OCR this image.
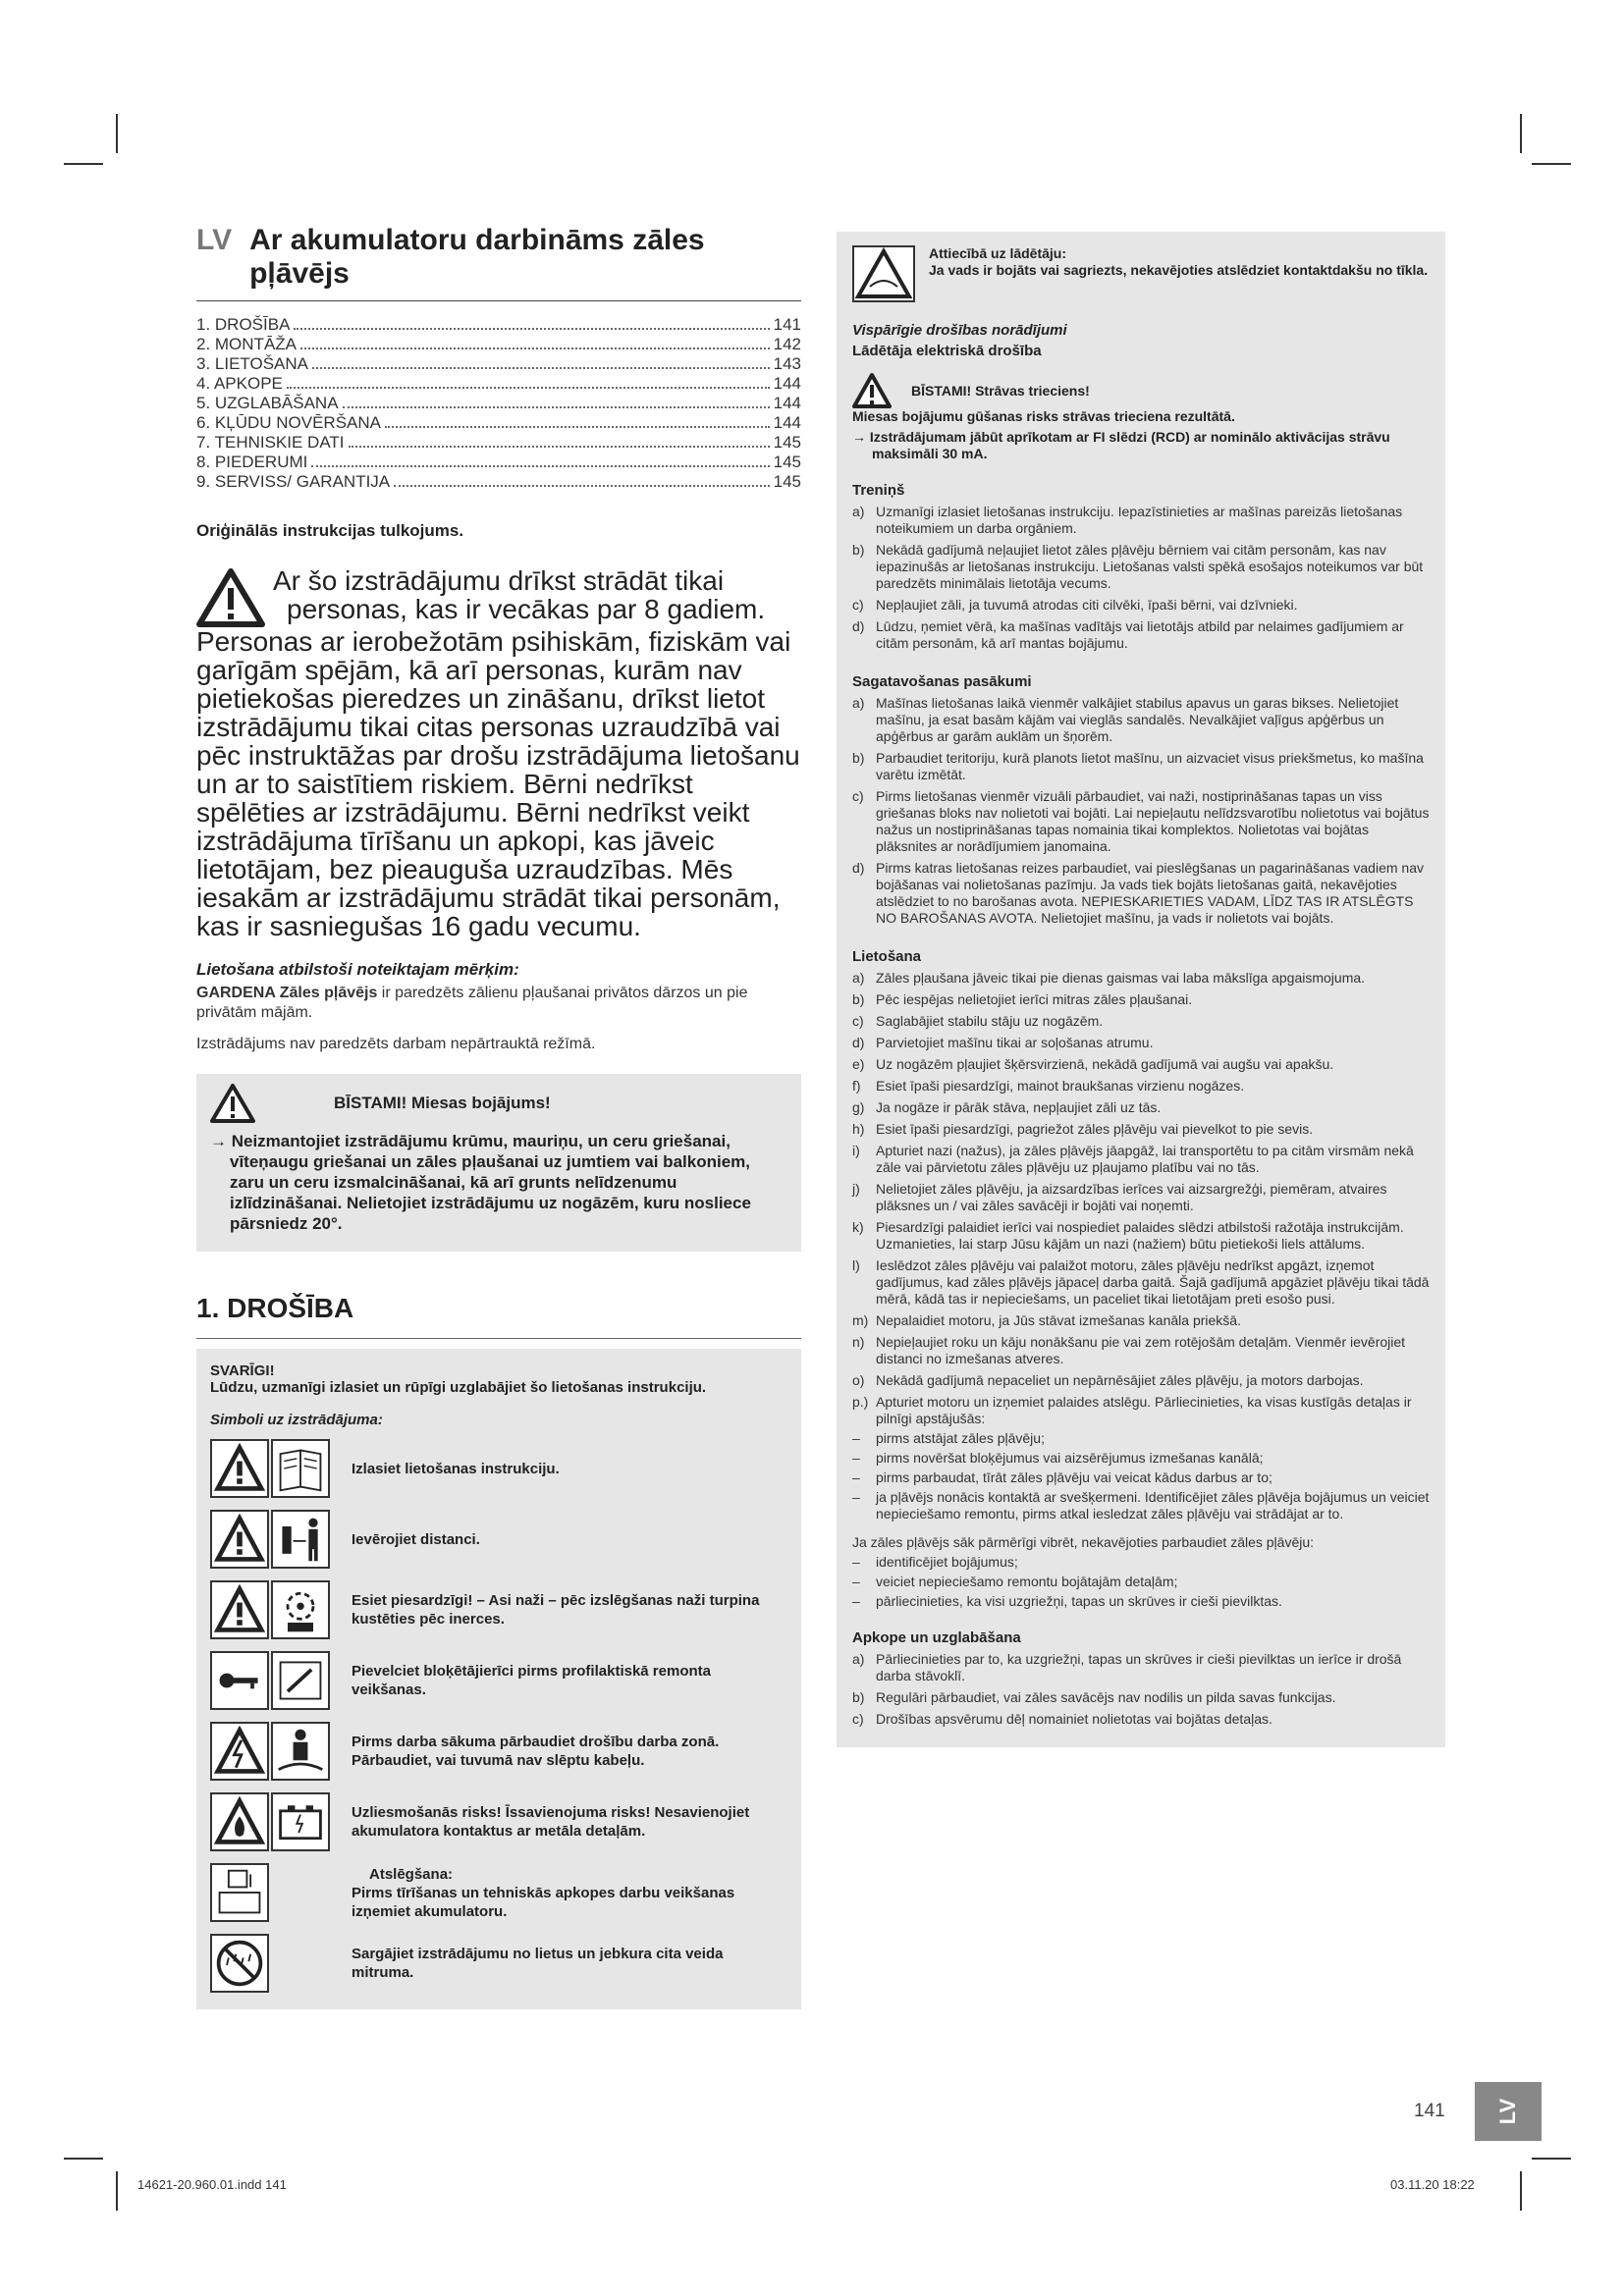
LV Ar akumulatoru darbināms zāles pļāvējs
1. DROŠĪBA	141
2. MONTĀŽA	142
3. LIETOŠANA	143
4. APKOPE	144
5. UZGLABĀŠANA	144
6. KĻŪDU NOVĒRŠANA	144
7. TEHNISKIE DATI	145
8. PIEDERUMI	145
9. SERVISS/ GARANTIJA	145
Oriģinālās instrukcijas tulkojums.
Ar šo izstrādājumu drīkst strādāt tikai
personas, kas ir vecākas par 8 gadiem.
Personas ar ierobežotām psihiskām, fiziskām vai garīgām spējām, kā arī personas, kurām nav pietiekošas pieredzes un zināšanu, drīkst lietot izstrādājumu tikai citas personas uzraudzībā vai pēc instruktāžas par drošu izstrādājuma lietošanu un ar to saistītiem riskiem. Bērni nedrīkst spēlēties ar izstrādājumu. Bērni nedrīkst veikt izstrādājuma tīrīšanu un apkopi, kas jāveic lietotājam, bez pieauguša uzraudzības. Mēs iesakām ar izstrādājumu strādāt tikai personām, kas ir sasniegušas 16 gadu vecumu.
Lietošana atbilstoši noteiktajam mērķim:
GARDENA Zāles pļāvējs ir paredzēts zālienu pļaušanai privātos dārzos un pie privātām mājām.
Izstrādājums nav paredzēts darbam nepārtrauktā režīmā.
BĪSTAMI! Miesas bojājums!
→ Neizmantojiet izstrādājumu krūmu, mauriņu, un ceru griešanai, vīteņaugu griešanai un zāles pļaušanai uz jumtiem vai balkoniem, zaru un ceru izsmalcināšanai, kā arī grunts nelīdzenumu izlīdzināšanai. Nelietojiet izstrādājumu uz nogāzēm, kuru nosliece pārsniedz 20°.
1. DROŠĪBA
SVARĪGI!
Lūdzu, uzmanīgi izlasiet un rūpīgi uzglabājiet šo lietošanas instrukciju.
Simboli uz izstrādājuma:
Izlasiet lietošanas instrukciju.
Ievērojiet distanci.
Esiet piesardzīgi! – Asi naži – pēc izslēgšanas naži turpina kustēties pēc inerces.
Pievelciet bloķētājierīci pirms profilaktiskā remonta veikšanas.
Pirms darba sākuma pārbaudiet drošību darba zonā. Pārbaudiet, vai tuvumā nav slēptu kabeļu.
Uzliesmošanās risks! Īssavienojuma risks! Nesavienojiet akumulatora kontaktus ar metāla detaļām.
Atslēgšana:
Pirms tīrīšanas un tehniskās apkopes darbu veikšanas izņemiet akumulatoru.
Sargājiet izstrādājumu no lietus un jebkura cita veida mitruma.
Attiecībā uz lādētāju:
Ja vads ir bojāts vai sagriezts, nekavējoties atslēdziet kontaktdakšu no tīkla.
Vispārīgie drošības norādījumi
Lādētāja elektriskā drošība
BĪSTAMI! Strāvas trieciens!
Miesas bojājumu gūšanas risks strāvas trieciena rezultātā.
→ Izstrādājumam jābūt aprīkotam ar FI slēdzi (RCD) ar nominālo aktivācijas strāvu maksimāli 30 mA.
Treniņš
a) Uzmanīgi izlasiet lietošanas instrukciju. Iepazīstinieties ar mašīnas pareizās lietošanas noteikumiem un darba orgāniem.
b) Nekādā gadījumā neļaujiet lietot zāles pļāvēju bērniem vai citām personām, kas nav iepazinušās ar lietošanas instrukciju. Lietošanas valsti spēkā esošajos noteikumos var būt paredzēts minimālais lietotāja vecums.
c) Nepļaujiet zāli, ja tuvumā atrodas citi cilvēki, īpaši bērni, vai dzīvnieki.
d) Lūdzu, ņemiet vērā, ka mašīnas vadītājs vai lietotājs atbild par nelaimes gadījumiem ar citām personām, kā arī mantas bojājumu.
Sagatavošanas pasākumi
a) Mašīnas lietošanas laikā vienmēr valkājiet stabilus apavus un garas bikses. Nelietojiet mašīnu, ja esat basām kājām vai vieglās sandalēs. Nevalkājiet vaļīgus apģērbus un apģērbus ar garām auklām un šņorēm.
b) Parbaudiet teritoriju, kurā planots lietot mašīnu, un aizvaciet visus priekšmetus, ko mašīna varētu izmētāt.
c) Pirms lietošanas vienmēr vizuāli pārbaudiet, vai naži, nostiprināšanas tapas un viss griešanas bloks nav nolietoti vai bojāti. Lai nepieļautu nelīdzsvarotību nolietotus vai bojātus nažus un nostiprināšanas tapas nomainia tikai komplektos. Nolietotas vai bojātas plāksnites ar norādījumiem janomaina.
d) Pirms katras lietošanas reizes parbaudiet, vai pieslēgšanas un pagarināšanas vadiem nav bojāšanas vai nolietošanas pazīmju. Ja vads tiek bojāts lietošanas gaitā, nekavējoties atslēdziet to no barošanas avota. NEPIESKARIETIES VADAM, LĪDZ TAS IR ATSLĒGTS NO BAROŠANAS AVOTA. Nelietojiet mašīnu, ja vads ir nolietots vai bojāts.
Lietošana
a) Zāles pļaušana jāveic tikai pie dienas gaismas vai laba mākslīga apgaismojuma.
b) Pēc iespējas nelietojiet ierīci mitras zāles pļaušanai.
c) Saglabājiet stabilu stāju uz nogāzēm.
d) Parvietojiet mašīnu tikai ar soļošanas atrumu.
e) Uz nogāzēm pļaujiet šķērsvirzienā, nekādā gadījumā vai augšu vai apakšu.
f)	Esiet īpaši piesardzīgi, mainot braukšanas virzienu nogāzes.
g) Ja nogāze ir pārāk stāva, nepļaujiet zāli uz tās.
h) Esiet īpaši piesardzīgi, pagriežot zāles pļāvēju vai pievelkot to pie sevis.
i)	Apturiet nazi (nažus), ja zāles pļāvējs jāapgāž, lai transportētu to pa citām virsmām nekā zāle vai pārvietotu zāles pļāvēju uz pļaujamo platību vai no tās.
j)	Nelietojiet zāles pļāvēju, ja aizsardzības ierīces vai aizsargrežģi, piemēram, atvaires plāksnes un / vai zāles savācēji ir bojāti vai noņemti.
k) Piesardzīgi palaidiet ierīci vai nospiediet palaides slēdzi atbilstoši ražotāja instrukcijām. Uzmanieties, lai starp Jūsu kājām un nazi (nažiem) būtu pietiekoši liels attālums.
l)	Ieslēdzot zāles pļāvēju vai palaižot motoru, zāles pļāvēju nedrīkst apgāzt, izņemot gadījumus, kad zāles pļāvējs jāpaceļ darba gaitā. Šajā gadījumā apgāziet pļāvēju tikai tādā mērā, kādā tas ir nepieciešams, un paceliet tikai lietotājam preti esošo pusi.
m) Nepalaidiet motoru, ja Jūs stāvat izmešanas kanāla priekšā.
n) Nepieļaujiet roku un kāju nonākšanu pie vai zem rotējošām detaļām. Vienmēr ievērojiet distanci no izmešanas atveres.
o) Nekādā gadījumā nepaceliet un nepārnēsājiet zāles pļāvēju, ja motors darbojas.
p.) Apturiet motoru un izņemiet palaides atslēgu. Pārliecinieties, ka visas kustīgās detaļas ir pilnīgi apstājušās:
–	pirms atstājat zāles pļāvēju;
–	pirms novēršat bloķējumus vai aizsērējumus izmešanas kanālā;
–	pirms parbaudat, tīrāt zāles pļāvēju vai veicat kādus darbus ar to;
–	ja pļāvējs nonācis kontaktā ar svešķermeni. Identificējiet zāles pļāvēja bojājumus un veiciet nepieciešamo remontu, pirms atkal iesledzat zāles pļāvēju vai strādājat ar to.
Ja zāles pļāvējs sāk pārmērīgi vibrēt, nekavējoties parbaudiet zāles pļāvēju:
–	identificējiet bojājumus;
–	veiciet nepieciešamo remontu bojātajām detaļām;
–	pārliecinieties, ka visi uzgriežņi, tapas un skrūves ir cieši pievilktas.
Apkope un uzglabāšana
a) Pārliecinieties par to, ka uzgriežņi, tapas un skrūves ir cieši pievilktas un ierīce ir drošā darba stāvoklī.
b) Regulāri pārbaudiet, vai zāles savācējs nav nodilis un pilda savas funkcijas.
c) Drošības apsvērumu dēļ nomainiet nolietotas vai bojātas detaļas.
141 LV
14621-20.960.01.indd 141	03.11.20 18:22
